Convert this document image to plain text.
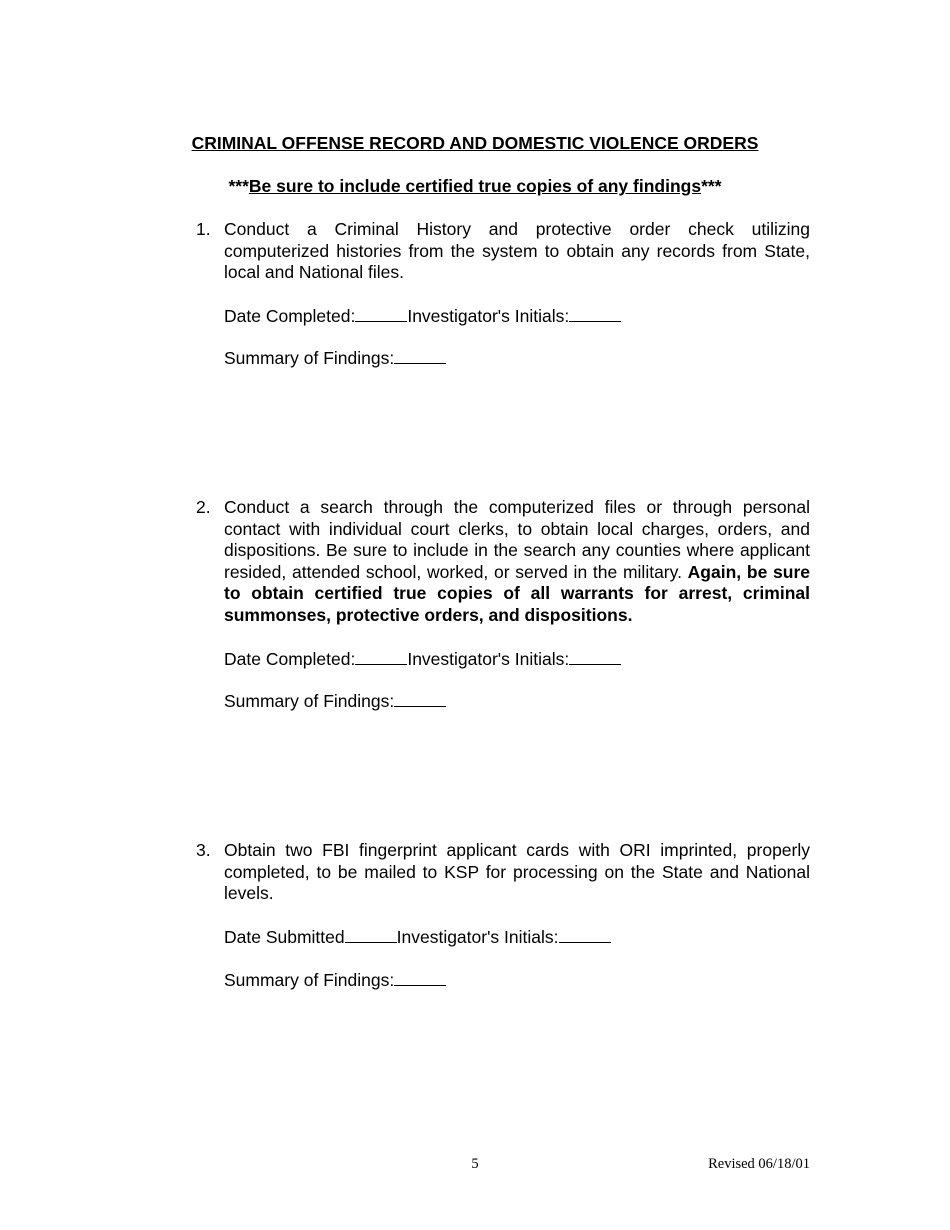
CRIMINAL OFFENSE RECORD AND DOMESTIC VIOLENCE ORDERS
***Be sure to include certified true copies of any findings***
1. Conduct a Criminal History and protective order check utilizing computerized histories from the system to obtain any records from State, local and National files.
Date Completed:	Investigator's Initials:
Summary of Findings:
2. Conduct a search through the computerized files or through personal contact with individual court clerks, to obtain local charges, orders, and dispositions. Be sure to include in the search any counties where applicant resided, attended school, worked, or served in the military. Again, be sure to obtain certified true copies of all warrants for arrest, criminal summonses, protective orders, and dispositions.
Date Completed:	Investigator's Initials:
Summary of Findings:
3. Obtain two FBI fingerprint applicant cards with ORI imprinted, properly completed, to be mailed to KSP for processing on the State and National levels.
Date Submitted	Investigator's Initials:
Summary of Findings:
5	Revised 06/18/01
